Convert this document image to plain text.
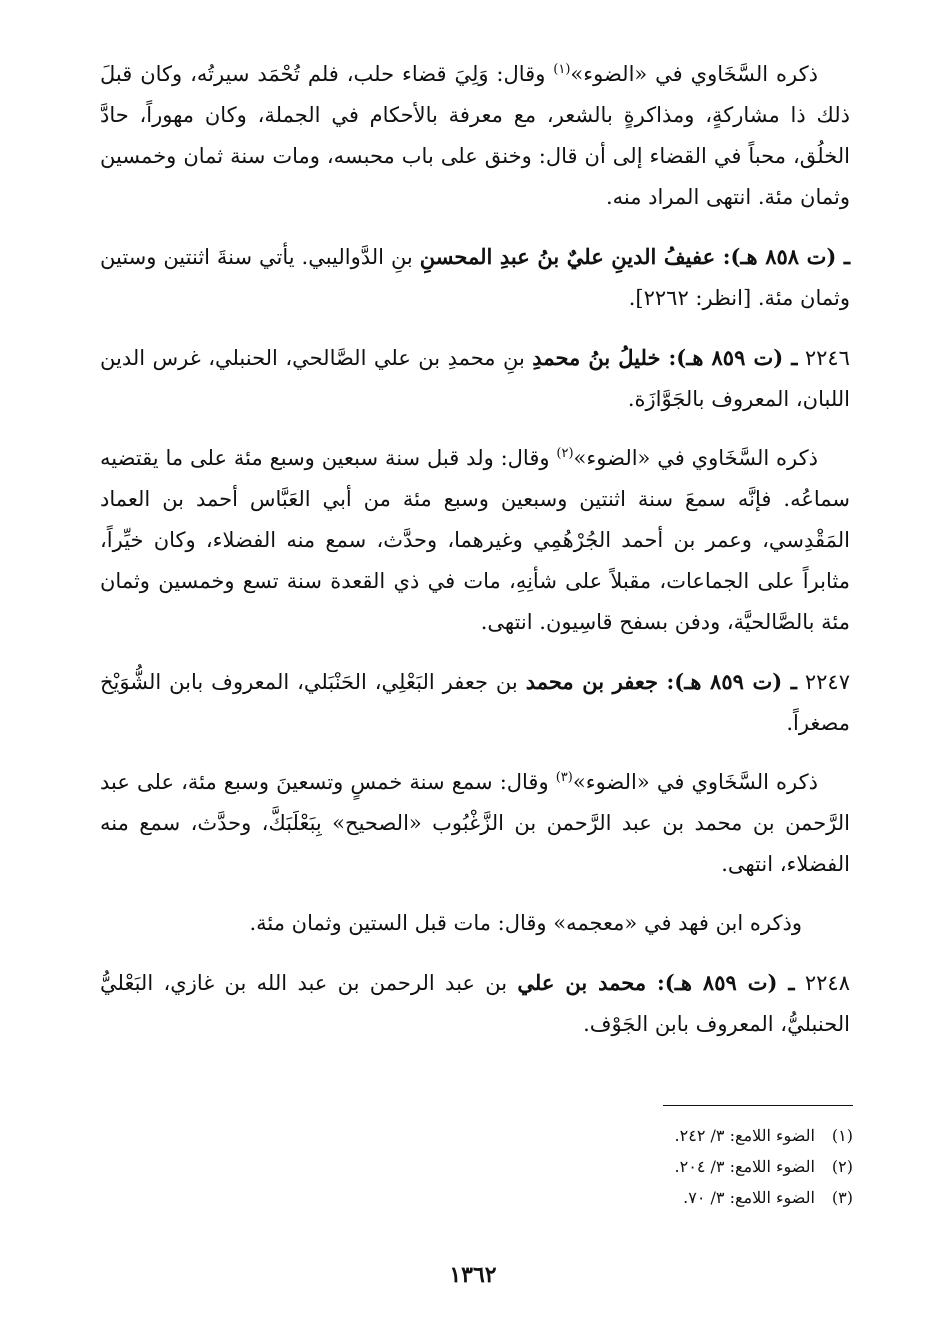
ذكره السَّخَاوي في «الضوء»$^{(١)}$ وقال: وَلِيَ قضاء حلب، فلم تُحْمَد سيرتُه، وكان قبلَ ذلك ذا مشاركةٍ، ومذاكرةٍ بالشعر، مع معرفة بالأحكام في الجملة، وكان مهوراً، حادَّ الخلُق، محباً في القضاء إلى أن قال: وخنق على باب محبسه، ومات سنة ثمان وخمسين وثمان مئة. انتهى المراد منه.

ـ (ت ٨٥٨ هـ): عفيفُ الدينِ عليٌ بنُ عبدِ المحسنِ بنِ الدَّواليبي. يأتي سنةَ اثنتين وستين وثمان مئة. [انظر: ٢٢٦٢].

٢٢٤٦ ـ (ت ٨٥٩ هـ): خليلُ بنُ محمدِ بنِ محمدِ بن علي الصَّالحي، الحنبلي، غرس الدين اللبان، المعروف بالجَوَّازَة.

ذكره السَّخَاوي في «الضوء»$^{(٢)}$ وقال: ولد قبل سنة سبعين وسبع مئة على ما يقتضيه سماعُه. فإنَّه سمعَ سنة اثنتين وسبعين وسبع مئة من أبي العَبَّاس أحمد بن العماد المَقْدِسي، وعمر بن أحمد الجُرْهُمِي وغيرهما، وحدَّث، سمع منه الفضلاء، وكان خيِّراً، مثابراً على الجماعات، مقبلاً على شأنِهِ، مات في ذي القعدة سنة تسع وخمسين وثمان مئة بالصَّالحيَّة، ودفن بسفح قاسِيون. انتهى.

٢٢٤٧ ـ (ت ٨٥٩ هـ): جعفر بن محمد بن جعفر البَعْلِي، الحَنْبَلي، المعروف بابن الشُّوَيْخ مصغراً.

ذكره السَّخَاوي في «الضوء»$^{(٣)}$ وقال: سمع سنة خمسٍ وتسعينَ وسبع مئة، على عبد الرَّحمن بن محمد بن عبد الرَّحمن بن الزَّغْبُوب «الصحيح» بِبَعْلَبَكَّ، وحدَّث، سمع منه الفضلاء، انتهى.

وذكره ابن فهد في «معجمه» وقال: مات قبل الستين وثمان مئة.

٢٢٤٨ ـ (ت ٨٥٩ هـ): محمد بن علي بن عبد الرحمن بن عبد الله بن غازي، البَعْليُّ الحنبليُّ، المعروف بابن الجَوْف.

(١)الضوء اللامع: ٣/ ٢٤٢.

(٢)الضوء اللامع: ٣/ ٢٠٤.

(٣)الضوء اللامع: ٣/ ٧٠.

١٣٦٢
